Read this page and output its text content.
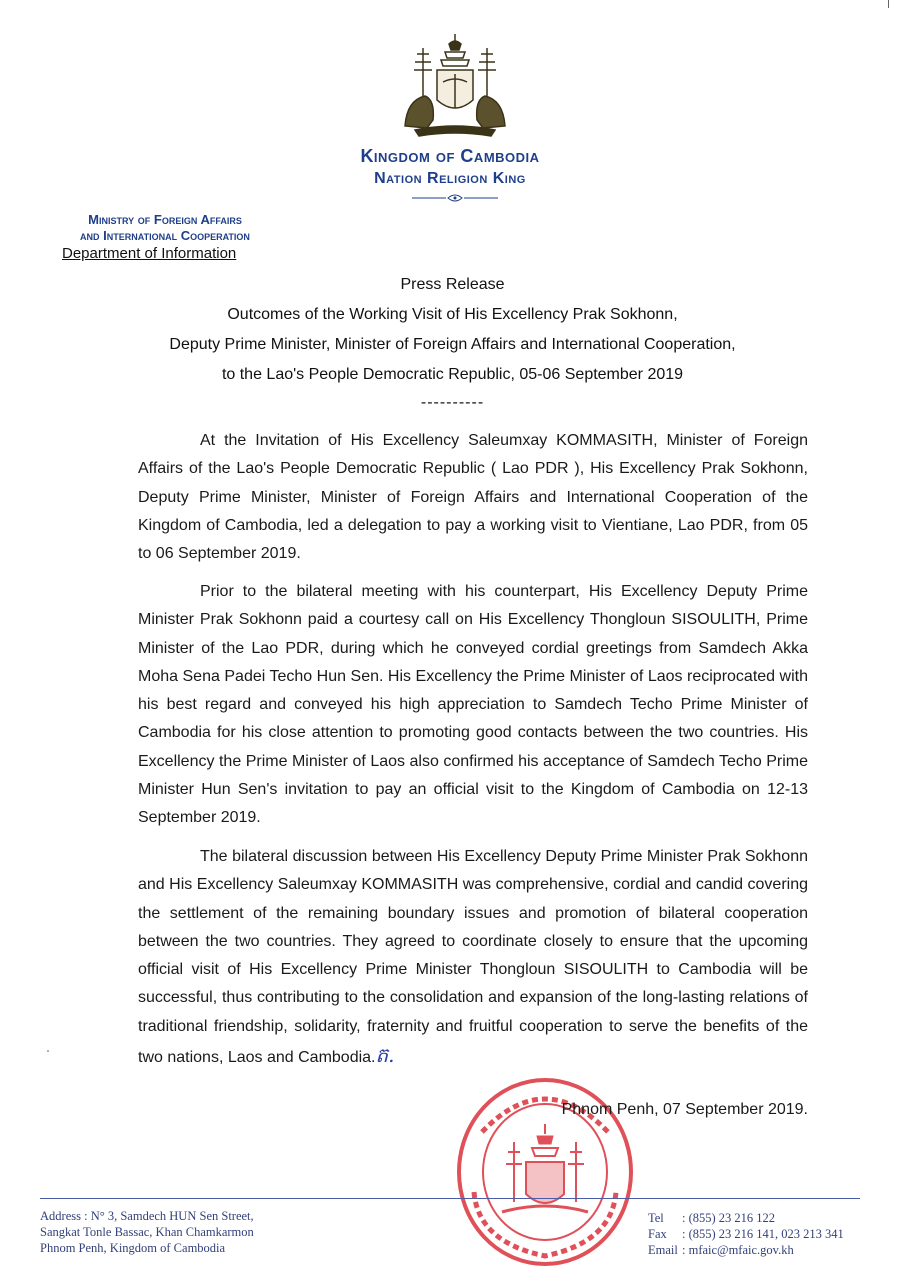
Kingdom of Cambodia
Nation Religion King
Ministry of Foreign Affairs
and International Cooperation
Department of Information
Press Release
Outcomes of the Working Visit of His Excellency Prak Sokhonn,
Deputy Prime Minister, Minister of Foreign Affairs and International Cooperation,
to the Lao's People Democratic Republic, 05-06 September 2019
----------

At the Invitation of His Excellency Saleumxay KOMMASITH, Minister of Foreign Affairs of the Lao's People Democratic Republic ( Lao PDR ), His Excellency Prak Sokhonn, Deputy Prime Minister, Minister of Foreign Affairs and International Cooperation of the Kingdom of Cambodia, led a delegation to pay a working visit to Vientiane, Lao PDR, from 05 to 06 September 2019.

Prior to the bilateral meeting with his counterpart, His Excellency Deputy Prime Minister Prak Sokhonn paid a courtesy call on His Excellency Thongloun SISOULITH, Prime Minister of the Lao PDR, during which he conveyed cordial greetings from Samdech Akka Moha Sena Padei Techo Hun Sen. His Excellency the Prime Minister of Laos reciprocated with his best regard and conveyed his high appreciation to Samdech Techo Prime Minister of Cambodia for his close attention to promoting good contacts between the two countries. His Excellency the Prime Minister of Laos also confirmed his acceptance of Samdech Techo Prime Minister Hun Sen's invitation to pay an official visit to the Kingdom of Cambodia on 12-13 September 2019.

The bilateral discussion between His Excellency Deputy Prime Minister Prak Sokhonn and His Excellency Saleumxay KOMMASITH was comprehensive, cordial and candid covering the settlement of the remaining boundary issues and promotion of bilateral cooperation between the two countries. They agreed to coordinate closely to ensure that the upcoming official visit of His Excellency Prime Minister Thongloun SISOULITH to Cambodia will be successful, thus contributing to the consolidation and expansion of the long-lasting relations of traditional friendship, solidarity, fraternity and fruitful cooperation to serve the benefits of the two nations, Laos and Cambodia.ត.

Phnom Penh, 07 September 2019.
Address : N° 3, Samdech HUN Sen Street,
Sangkat Tonle Bassac, Khan Chamkarmon
Phnom Penh, Kingdom of Cambodia
Tel : (855) 23 216 122
Fax : (855) 23 216 141, 023 213 341
Email : mfaic@mfaic.gov.kh
